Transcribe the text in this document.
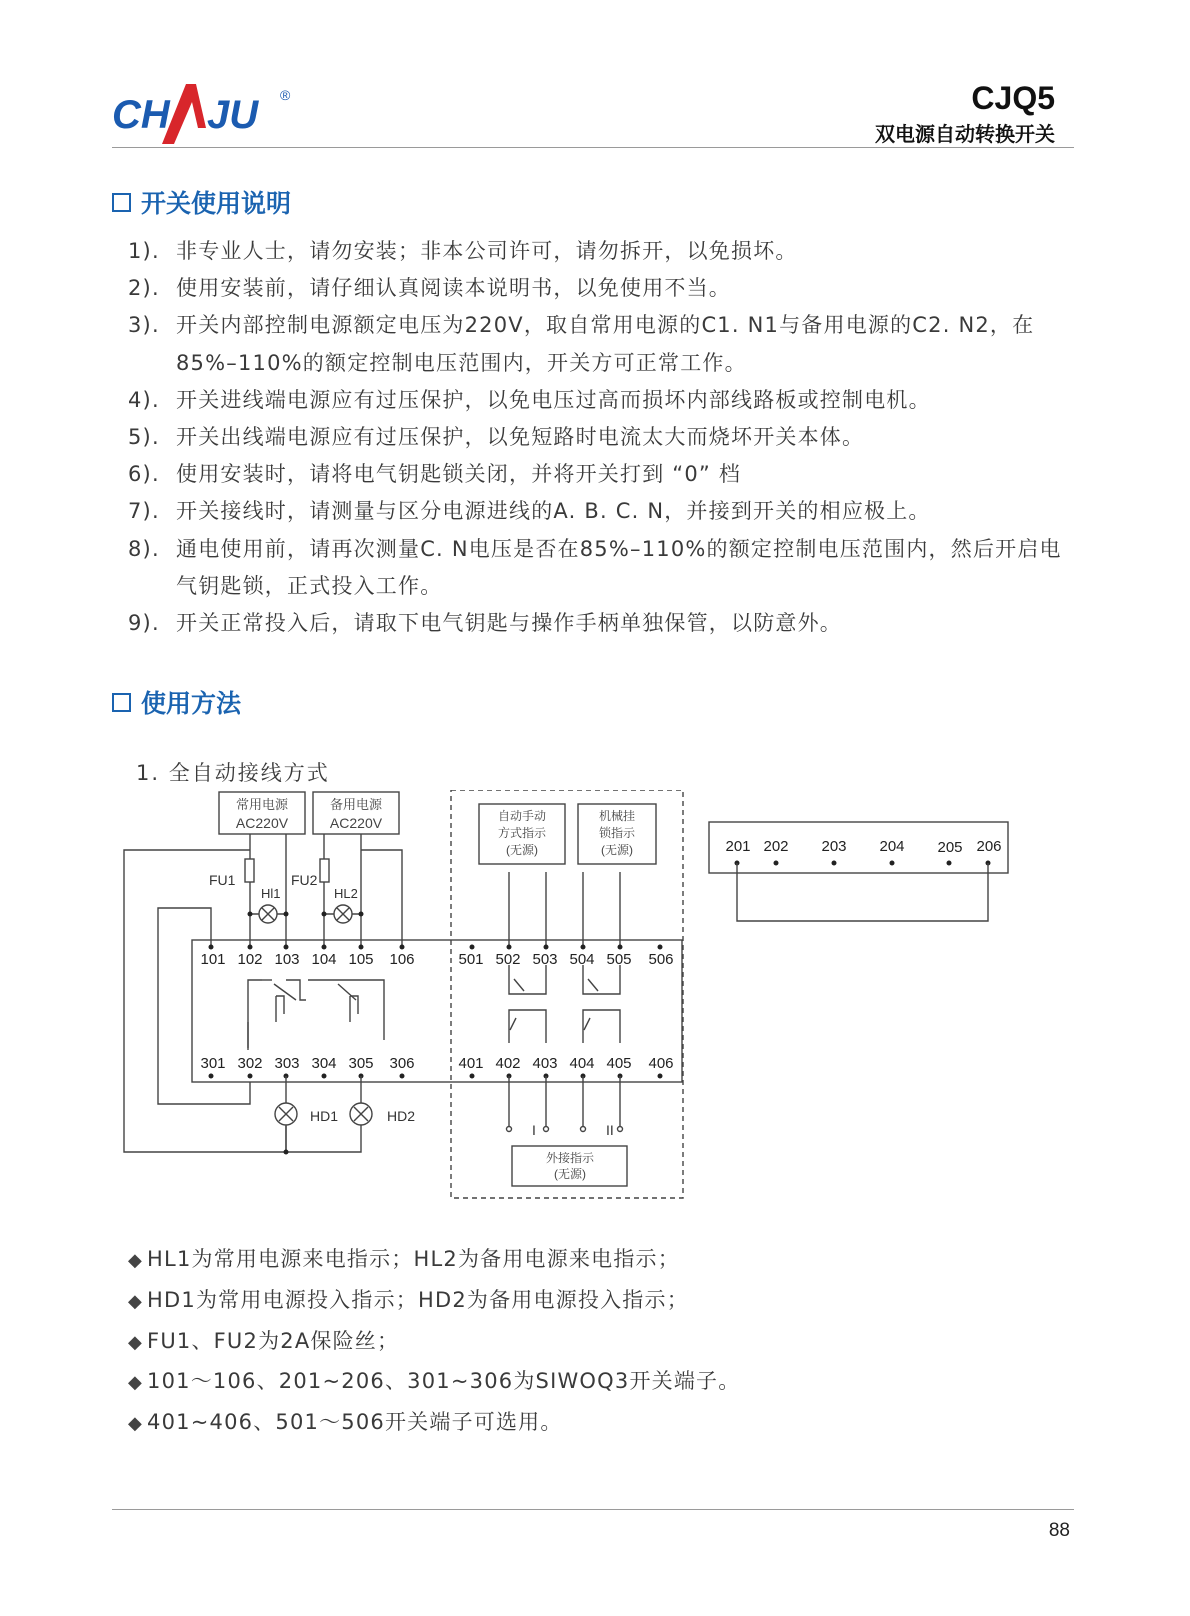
CH JU ®	CJQ5
双电源自动转换开关
开关使用说明
1). 非专业人士，请勿安装；非本公司许可，请勿拆开，以免损坏。
2). 使用安装前，请仔细认真阅读本说明书，以免使用不当。
3). 开关内部控制电源额定电压为220V，取自常用电源的C1. N1与备用电源的C2. N2，在85%–110%的额定控制电压范围内，开关方可正常工作。
4). 开关进线端电源应有过压保护，以免电压过高而损坏内部线路板或控制电机。
5). 开关出线端电源应有过压保护，以免短路时电流太大而烧坏开关本体。
6). 使用安装时，请将电气钥匙锁关闭，并将开关打到 “0” 档
7). 开关接线时，请测量与区分电源进线的A. B. C. N，并接到开关的相应极上。
8). 通电使用前，请再次测量C. N电压是否在85%–110%的额定控制电压范围内，然后开启电气钥匙锁，正式投入工作。
9). 开关正常投入后，请取下电气钥匙与操作手柄单独保管，以防意外。
使用方法
1. 全自动接线方式
常用电源
AC220V
备用电源
AC220V
FU1	FU2
Hl1	HL2
自动手动
方式指示
(无源)
机械挂
锁指示
(无源)
101 102 103 104 105 106	501 502 503 504 505 506
301 302 303 304 305 306	401 402 403 404 405 406
HD1	HD2
I	II
外接指示
(无源)
201 202 203 204 205 206
◆ HL1为常用电源来电指示；HL2为备用电源来电指示；
◆ HD1为常用电源投入指示；HD2为备用电源投入指示；
◆ FU1、FU2为2A保险丝；
◆ 101～106、201~206、301~306为SIWOQ3开关端子。
◆ 401~406、501～506开关端子可选用。
88
